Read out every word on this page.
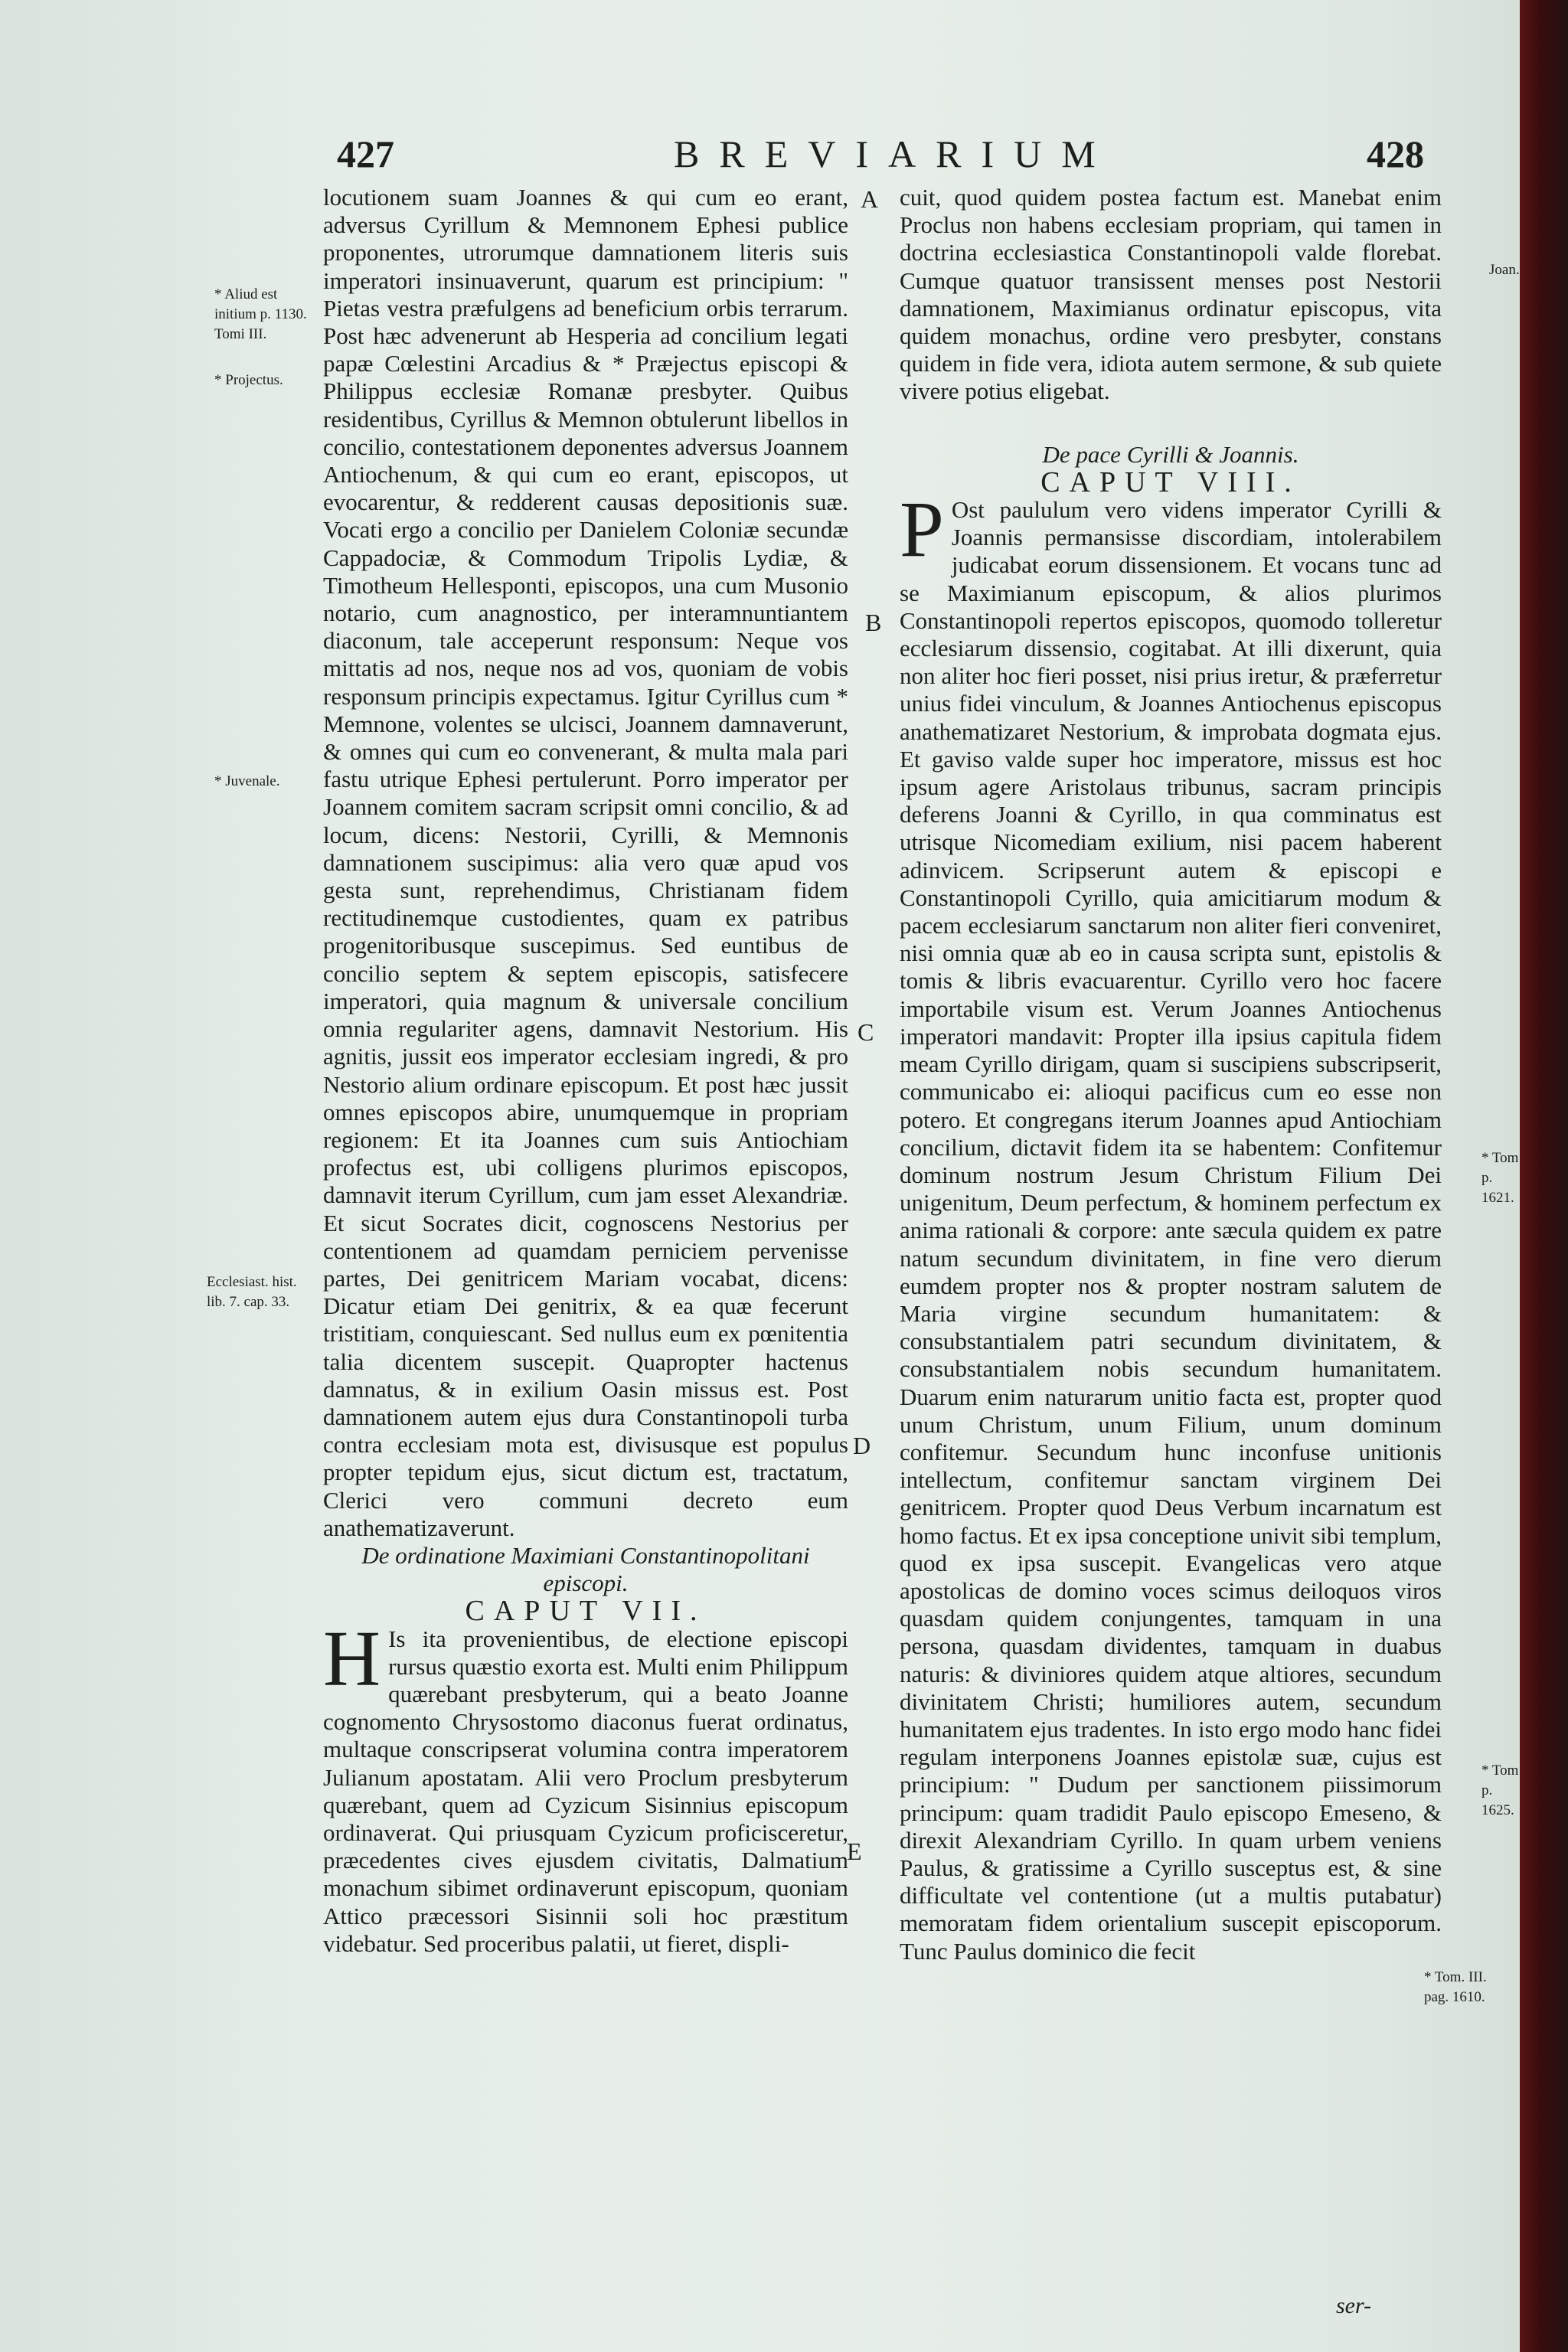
427	BREVIARIUM	428

locutionem suam Joannes & qui cum eo erant, adversus Cyrillum & Memnonem Ephesi publice proponentes, utrorumque damnationem literis suis imperatori insinuaverunt, quarum est principium: " Pietas vestra præfulgens ad beneficium orbis terrarum. Post hæc advenerunt ab Hesperia ad concilium legati papæ Cœlestini Arcadius & * Præjectus episcopi & Philippus ecclesiæ Romanæ presbyter. Quibus residentibus, Cyrillus & Memnon obtulerunt libellos in concilio, contestationem deponentes adversus Joannem Antiochenum, & qui cum eo erant, episcopos, ut evocarentur, & redderent causas depositionis suæ. Vocati ergo a concilio per Danielem Coloniæ secundæ Cappadociæ, & Commodum Tripolis Lydiæ, & Timotheum Hellesponti, episcopos, una cum Musonio notario, cum anagnostico, per interamnuntiantem diaconum, tale acceperunt responsum: Neque vos mittatis ad nos, neque nos ad vos, quoniam de vobis responsum principis expectamus. Igitur Cyrillus cum * Memnone, volentes se ulcisci, Joannem damnaverunt, & omnes qui cum eo convenerant, & multa mala pari fastu utrique Ephesi pertulerunt. Porro imperator per Joannem comitem sacram scripsit omni concilio, & ad locum, dicens: Nestorii, Cyrilli, & Memnonis damnationem suscipimus: alia vero quæ apud vos gesta sunt, reprehendimus, Christianam fidem rectitudinemque custodientes, quam ex patribus progenitoribusque suscepimus. Sed euntibus de concilio septem & septem episcopis, satisfecere imperatori, quia magnum & universale concilium omnia regulariter agens, damnavit Nestorium. His agnitis, jussit eos imperator ecclesiam ingredi, & pro Nestorio alium ordinare episcopum. Et post hæc jussit omnes episcopos abire, unumquemque in propriam regionem: Et ita Joannes cum suis Antiochiam profectus est, ubi colligens plurimos episcopos, damnavit iterum Cyrillum, cum jam esset Alexandriæ. Et sicut Socrates dicit, cognoscens Nestorius per contentionem ad quamdam perniciem pervenisse partes, Dei genitricem Mariam vocabat, dicens: Dicatur etiam Dei genitrix, & ea quæ fecerunt tristitiam, conquiescant. Sed nullus eum ex pœnitentia talia dicentem suscepit. Quapropter hactenus damnatus, & in exilium Oasin missus est. Post damnationem autem ejus dura Constantinopoli turba contra ecclesiam mota est, divisusque est populus propter tepidum ejus, sicut dictum est, tractatum, Clerici vero communi decreto eum anathematizaverunt.

De ordinatione Maximiani Constantinopolitani episcopi.

CAPUT VII.

H Is ita provenientibus, de electione episcopi rursus quæstio exorta est. Multi enim Philippum quærebant presbyterum, qui a beato Joanne cognomento Chrysostomo diaconus fuerat ordinatus, multaque conscripserat volumina contra imperatorem Julianum apostatam. Alii vero Proclum presbyterum quærebant, quem ad Cyzicum Sisinnius episcopum ordinaverat. Qui priusquam Cyzicum proficisceretur, præcedentes cives ejusdem civitatis, Dalmatium monachum sibimet ordinaverunt episcopum, quoniam Attico præcessori Sisinnii soli hoc præstitum videbatur. Sed proceribus palatii, ut fieret, displi-

cuit, quod quidem postea factum est. Manebat enim Proclus non habens ecclesiam propriam, qui tamen in doctrina ecclesiastica Constantinopoli valde florebat. Cumque quatuor transissent menses post Nestorii damnationem, Maximianus ordinatur episcopus, vita quidem monachus, ordine vero presbyter, constans quidem in fide vera, idiota autem sermone, & sub quiete vivere potius eligebat.

De pace Cyrilli & Joannis.

CAPUT VIII.

P Ost paululum vero videns imperator Cyrilli & Joannis permansisse discordiam, intolerabilem judicabat eorum dissensionem. Et vocans tunc ad se Maximianum episcopum, & alios plurimos Constantinopoli repertos episcopos, quomodo tolleretur ecclesiarum dissensio, cogitabat. At illi dixerunt, quia non aliter hoc fieri posset, nisi prius iretur, & præferretur unius fidei vinculum, & Joannes Antiochenus episcopus anathematizaret Nestorium, & improbata dogmata ejus. Et gaviso valde super hoc imperatore, missus est hoc ipsum agere Aristolaus tribunus, sacram principis deferens Joanni & Cyrillo, in qua comminatus est utrisque Nicomediam exilium, nisi pacem haberent adinvicem. Scripserunt autem & episcopi e Constantinopoli Cyrillo, quia amicitiarum modum & pacem ecclesiarum sanctarum non aliter fieri conveniret, nisi omnia quæ ab eo in causa scripta sunt, epistolis & tomis & libris evacuarentur. Cyrillo vero hoc facere importabile visum est. Verum Joannes Antiochenus imperatori mandavit: Propter illa ipsius capitula fidem meam Cyrillo dirigam, quam si suscipiens subscripserit, communicabo ei: alioqui pacificus cum eo esse non potero. Et congregans iterum Joannes apud Antiochiam concilium, dictavit fidem ita se habentem: Confitemur dominum nostrum Jesum Christum Filium Dei unigenitum, Deum perfectum, & hominem perfectum ex anima rationali & corpore: ante sæcula quidem ex patre natum secundum divinitatem, in fine vero dierum eumdem propter nos & propter nostram salutem de Maria virgine secundum humanitatem: & consubstantialem patri secundum divinitatem, & consubstantialem nobis secundum humanitatem. Duarum enim naturarum unitio facta est, propter quod unum Christum, unum Filium, unum dominum confitemur. Secundum hunc inconfuse unitionis intellectum, confitemur sanctam virginem Dei genitricem. Propter quod Deus Verbum incarnatum est homo factus. Et ex ipsa conceptione univit sibi templum, quod ex ipsa suscepit. Evangelicas vero atque apostolicas de domino voces scimus deiloquos viros quasdam quidem conjungentes, tamquam in una persona, quasdam dividentes, tamquam in duabus naturis: & diviniores quidem atque altiores, secundum divinitatem Christi; humiliores autem, secundum humanitatem ejus tradentes. In isto ergo modo hanc fidei regulam interponens Joannes epistolæ suæ, cujus est principium: " Dudum per sanctionem piissimorum principum: quam tradidit Paulo episcopo Emeseno, & direxit Alexandriam Cyrillo. In quam urbem veniens Paulus, & gratissime a Cyrillo susceptus est, & sine difficultate vel contentione (ut a multis putabatur) memoratam fidem orientalium suscepit episcoporum. Tunc Paulus dominico die fecit

ser-
A
B
C
D
E
* Aliud est initium p. 1130. Tomi III.
* Projectus.
* Juvenale.
Ecclesiast. hist. lib. 7. cap. 33.
Joan.
* Tom p. 1621.
* Tom p. 1625.
* Tom. III. pag. 1610.
